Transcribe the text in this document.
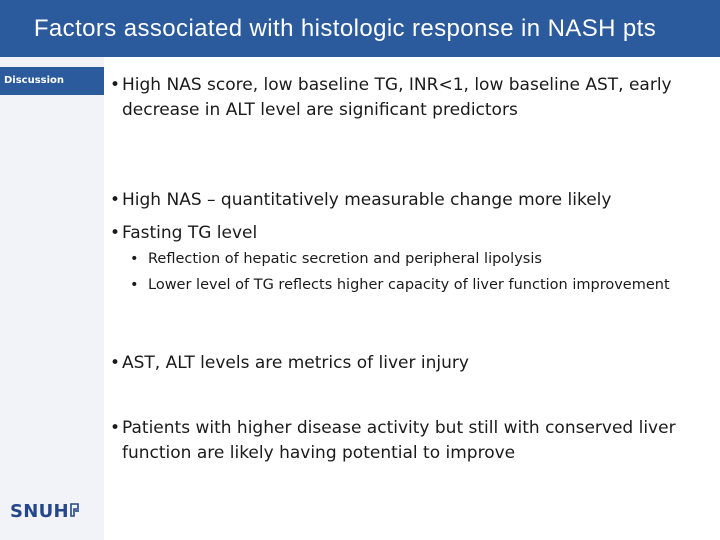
Factors associated with histologic response in NASH pts
Discussion
SNUH
• High NAS score, low baseline TG, INR<1, low baseline AST, early decrease in ALT level are significant predictors
• High NAS – quantitatively measurable change more likely
• Fasting TG level
• Reflection of hepatic secretion and peripheral lipolysis
• Lower level of TG reflects higher capacity of liver function improvement
• AST, ALT levels are metrics of liver injury
• Patients with higher disease activity but still with conserved liver function are likely having potential to improve
